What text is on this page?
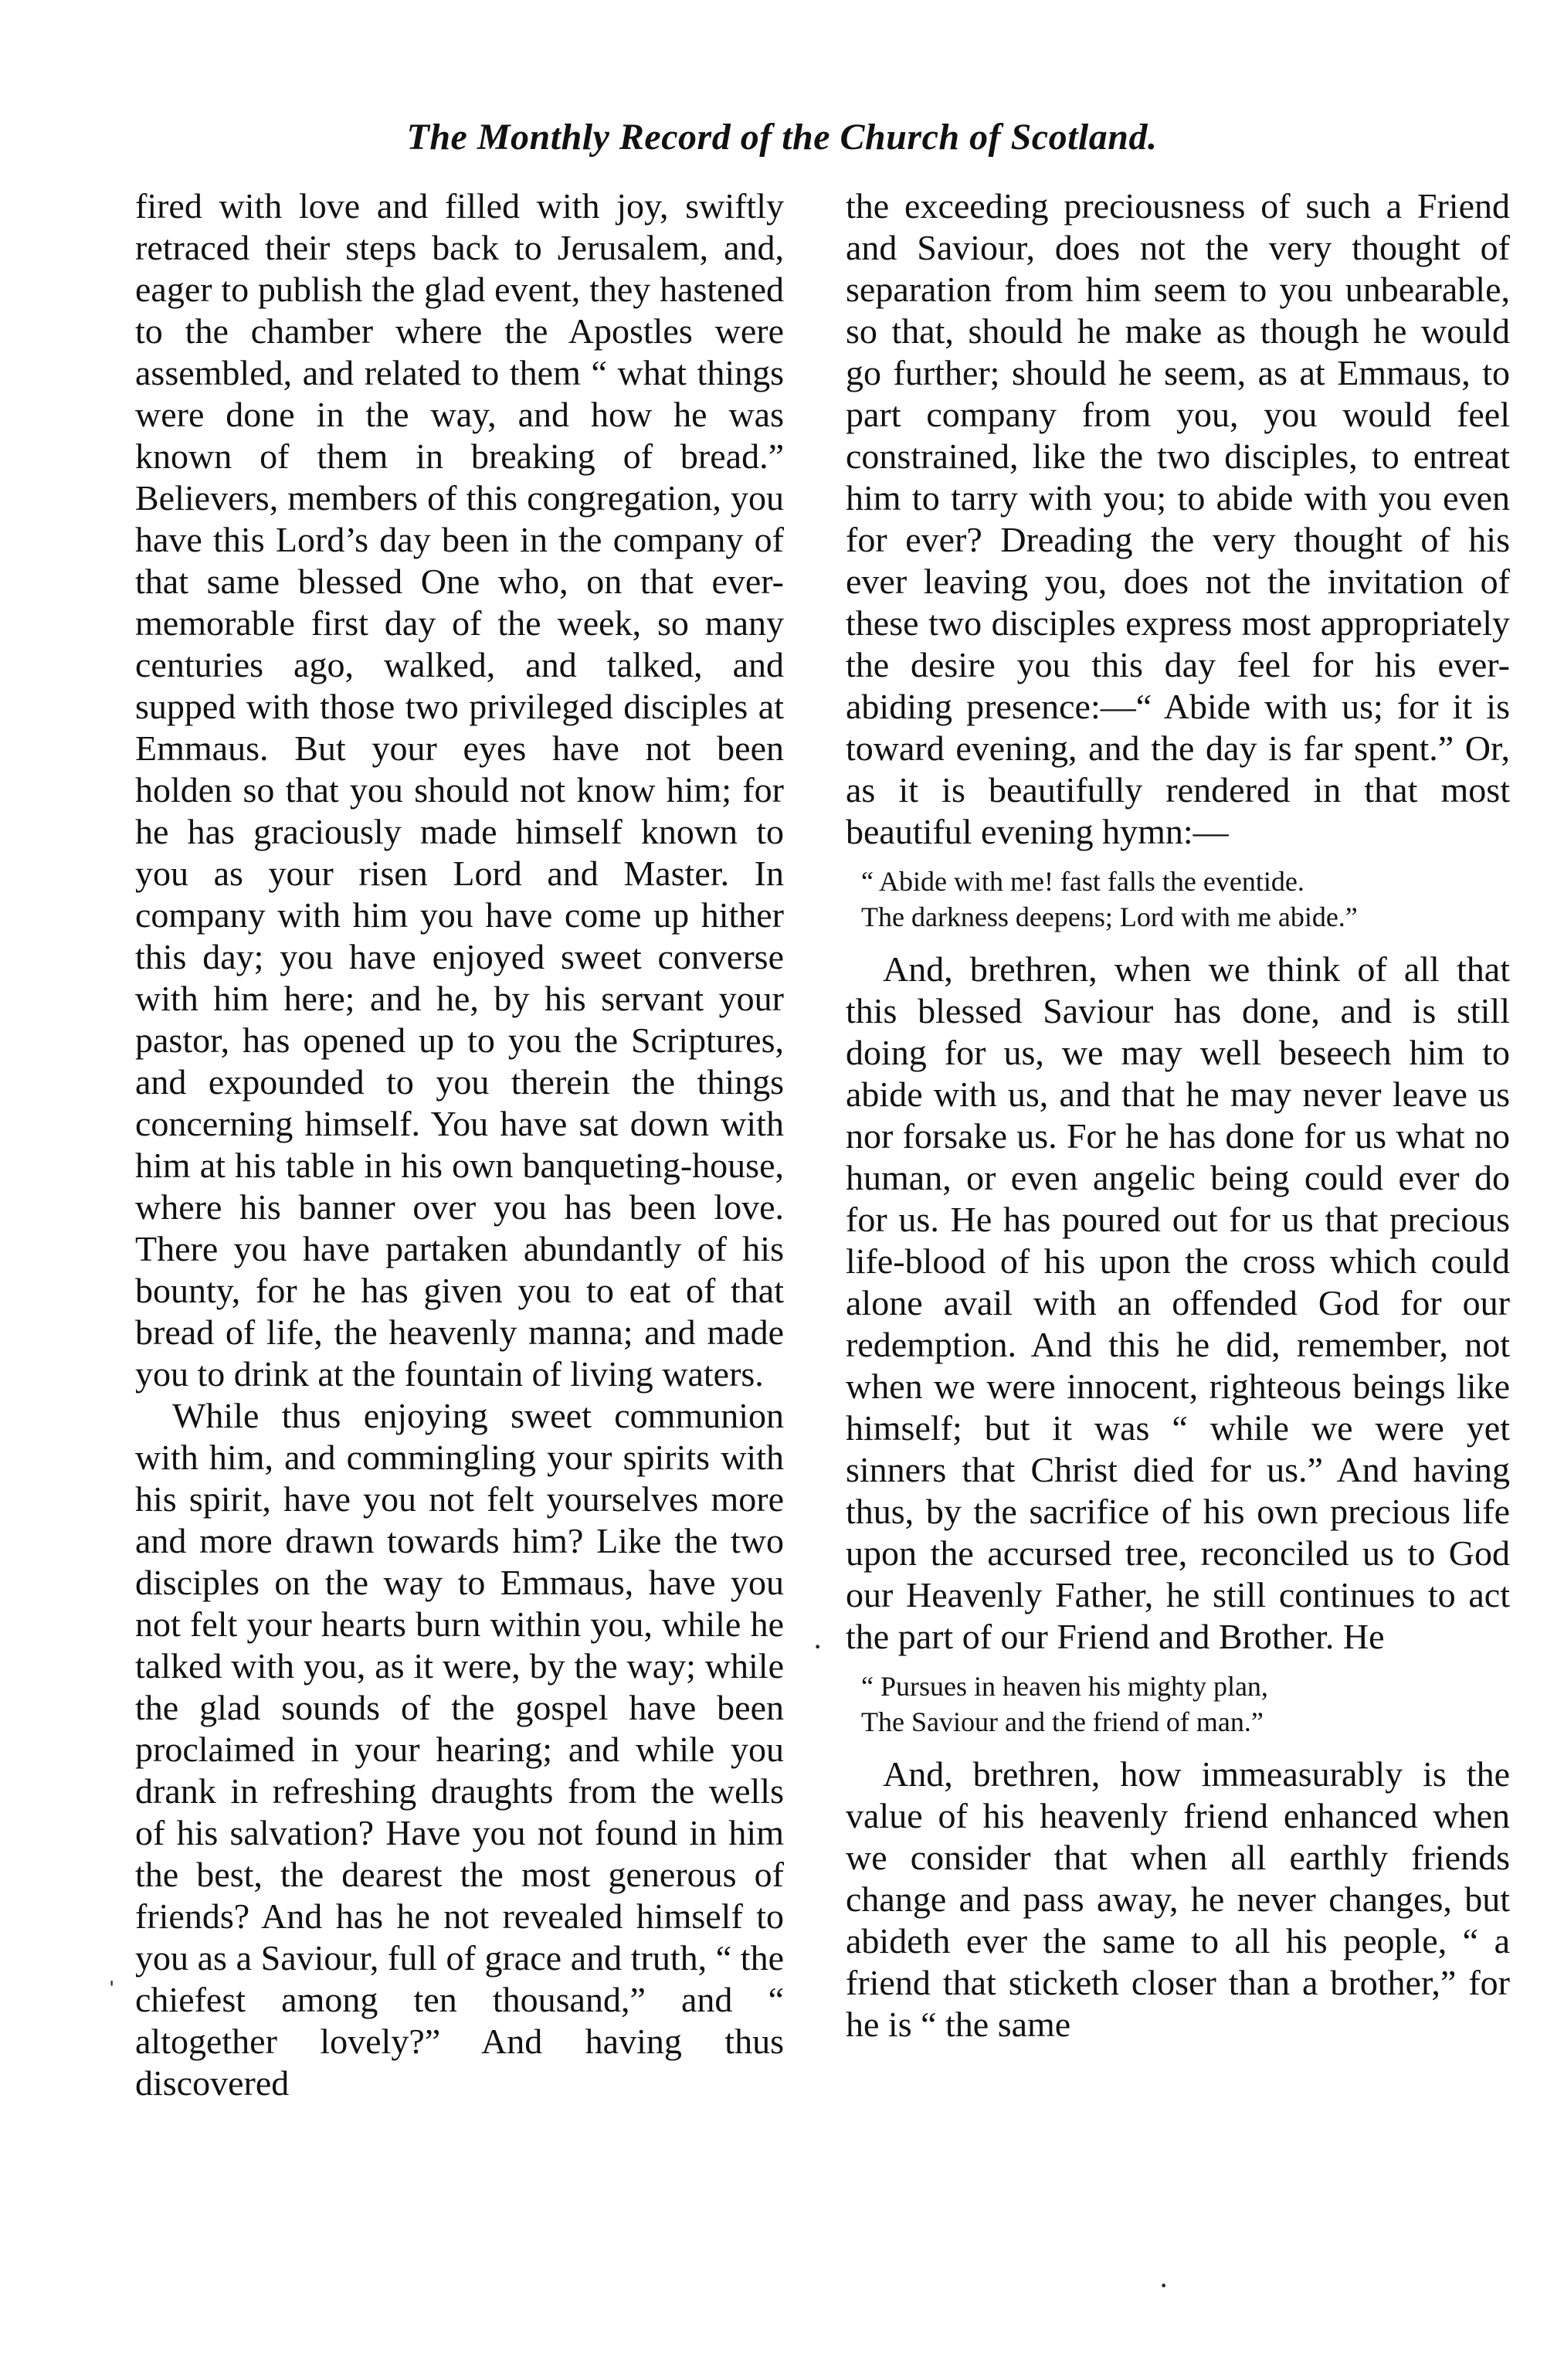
The Monthly Record of the Church of Scotland.

fired with love and filled with joy, swiftly retraced their steps back to Jerusalem, and, eager to publish the glad event, they hastened to the chamber where the Apostles were assembled, and related to them “ what things were done in the way, and how he was known of them in breaking of bread.” Believers, members of this congregation, you have this Lord’s day been in the company of that same blessed One who, on that ever-memorable first day of the week, so many centuries ago, walked, and talked, and supped with those two privileged disciples at Emmaus. But your eyes have not been holden so that you should not know him; for he has graciously made himself known to you as your risen Lord and Master. In company with him you have come up hither this day; you have enjoyed sweet converse with him here; and he, by his servant your pastor, has opened up to you the Scriptures, and expounded to you therein the things concerning himself. You have sat down with him at his table in his own banqueting-house, where his banner over you has been love. There you have partaken abundantly of his bounty, for he has given you to eat of that bread of life, the heavenly manna; and made you to drink at the fountain of living waters.

While thus enjoying sweet communion with him, and commingling your spirits with his spirit, have you not felt yourselves more and more drawn towards him? Like the two disciples on the way to Emmaus, have you not felt your hearts burn within you, while he talked with you, as it were, by the way; while the glad sounds of the gospel have been proclaimed in your hearing; and while you drank in refreshing draughts from the wells of his salvation? Have you not found in him the best, the dearest the most generous of friends? And has he not revealed himself to you as a Saviour, full of grace and truth, “ the chiefest among ten thousand,” and “ altogether lovely?” And having thus discovered

the exceeding preciousness of such a Friend and Saviour, does not the very thought of separation from him seem to you unbearable, so that, should he make as though he would go further; should he seem, as at Emmaus, to part company from you, you would feel constrained, like the two disciples, to entreat him to tarry with you; to abide with you even for ever? Dreading the very thought of his ever leaving you, does not the invitation of these two disciples express most appropriately the desire you this day feel for his ever-abiding presence:—“ Abide with us; for it is toward evening, and the day is far spent.” Or, as it is beautifully rendered in that most beautiful evening hymn:—

“ Abide with me! fast falls the eventide.
The darkness deepens; Lord with me abide.”

And, brethren, when we think of all that this blessed Saviour has done, and is still doing for us, we may well beseech him to abide with us, and that he may never leave us nor forsake us. For he has done for us what no human, or even angelic being could ever do for us. He has poured out for us that precious life-blood of his upon the cross which could alone avail with an offended God for our redemption. And this he did, remember, not when we were innocent, righteous beings like himself; but it was “ while we were yet sinners that Christ died for us.” And having thus, by the sacrifice of his own precious life upon the accursed tree, reconciled us to God our Heavenly Father, he still continues to act the part of our Friend and Brother. He

“ Pursues in heaven his mighty plan,
The Saviour and the friend of man.”

And, brethren, how immeasurably is the value of his heavenly friend enhanced when we consider that when all earthly friends change and pass away, he never changes, but abideth ever the same to all his people, “ a friend that sticketh closer than a brother,” for he is “ the same

·
ˈ
·
